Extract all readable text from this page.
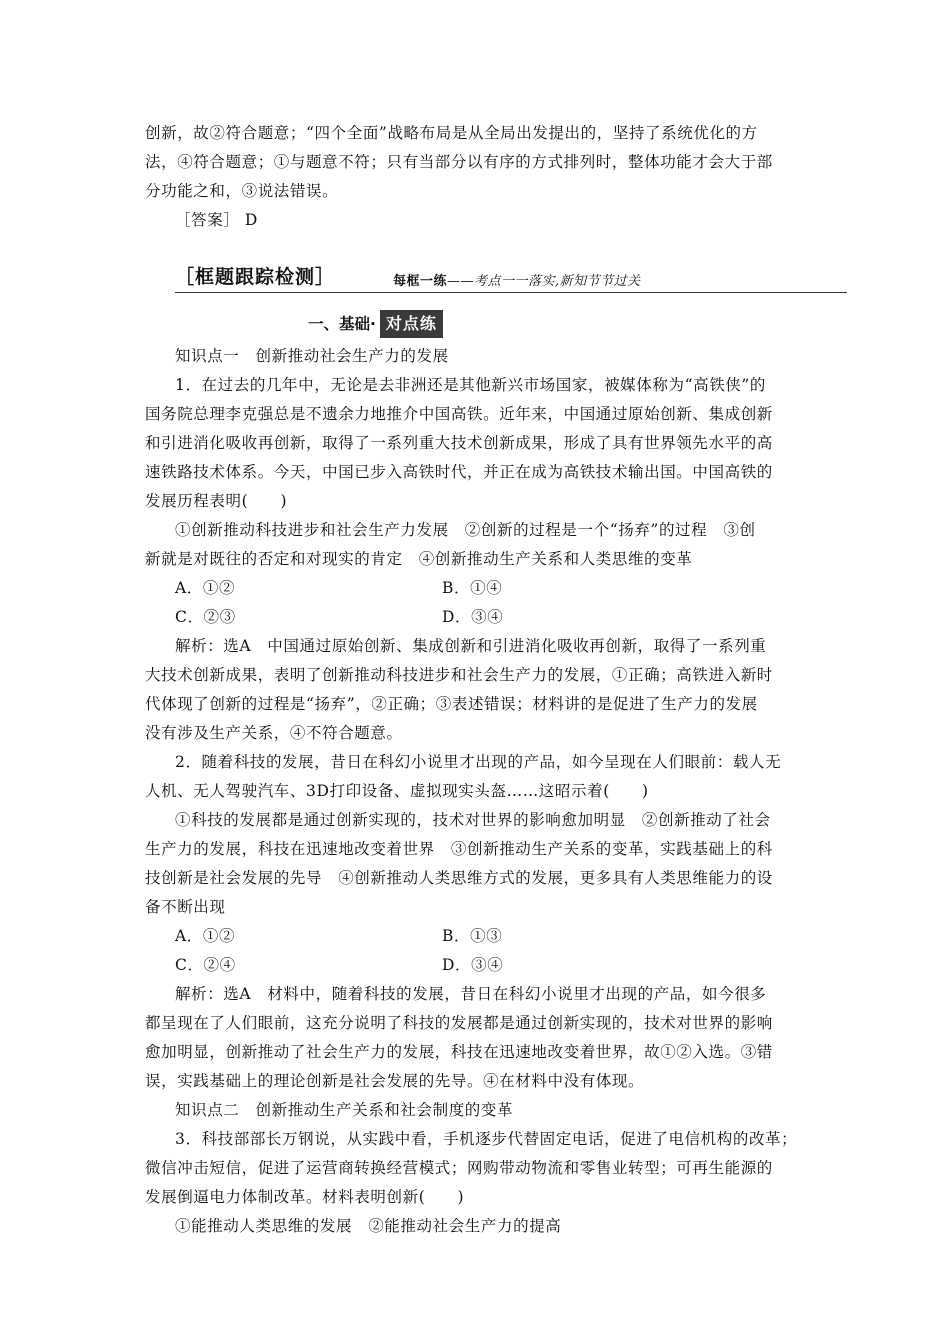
创新，故②符合题意；“四个全面”战略布局是从全局出发提出的，坚持了系统优化的方
法，④符合题意；①与题意不符；只有当部分以有序的方式排列时，整体功能才会大于部
分功能之和，③说法错误。
［答案］ D
［框题跟踪检测］	每框一练——考点一一落实,新知节节过关
一、基础· 对点练
知识点一　创新推动社会生产力的发展
1．在过去的几年中，无论是去非洲还是其他新兴市场国家，被媒体称为“高铁侠”的
国务院总理李克强总是不遗余力地推介中国高铁。近年来，中国通过原始创新、集成创新
和引进消化吸收再创新，取得了一系列重大技术创新成果，形成了具有世界领先水平的高
速铁路技术体系。今天，中国已步入高铁时代，并正在成为高铁技术输出国。中国高铁的
发展历程表明(　　)
①创新推动科技进步和社会生产力发展　②创新的过程是一个“扬弃”的过程　③创
新就是对既往的否定和对现实的肯定　④创新推动生产关系和人类思维的变革
A．①②	B．①④
C．②③	D．③④
解析：选A　中国通过原始创新、集成创新和引进消化吸收再创新，取得了一系列重
大技术创新成果，表明了创新推动科技进步和社会生产力的发展，①正确；高铁进入新时
代体现了创新的过程是“扬弃”，②正确；③表述错误；材料讲的是促进了生产力的发展
没有涉及生产关系，④不符合题意。
2．随着科技的发展，昔日在科幻小说里才出现的产品，如今呈现在人们眼前：载人无
人机、无人驾驶汽车、3D打印设备、虚拟现实头盔……这昭示着(　　)
①科技的发展都是通过创新实现的，技术对世界的影响愈加明显　②创新推动了社会
生产力的发展，科技在迅速地改变着世界　③创新推动生产关系的变革，实践基础上的科
技创新是社会发展的先导　④创新推动人类思维方式的发展，更多具有人类思维能力的设
备不断出现
A．①②	B．①③
C．②④	D．③④
解析：选A　材料中，随着科技的发展，昔日在科幻小说里才出现的产品，如今很多
都呈现在了人们眼前，这充分说明了科技的发展都是通过创新实现的，技术对世界的影响
愈加明显，创新推动了社会生产力的发展，科技在迅速地改变着世界，故①②入选。③错
误，实践基础上的理论创新是社会发展的先导。④在材料中没有体现。
知识点二　创新推动生产关系和社会制度的变革
3．科技部部长万钢说，从实践中看，手机逐步代替固定电话，促进了电信机构的改革；
微信冲击短信，促进了运营商转换经营模式；网购带动物流和零售业转型；可再生能源的
发展倒逼电力体制改革。材料表明创新(　　)
①能推动人类思维的发展　②能推动社会生产力的提高
